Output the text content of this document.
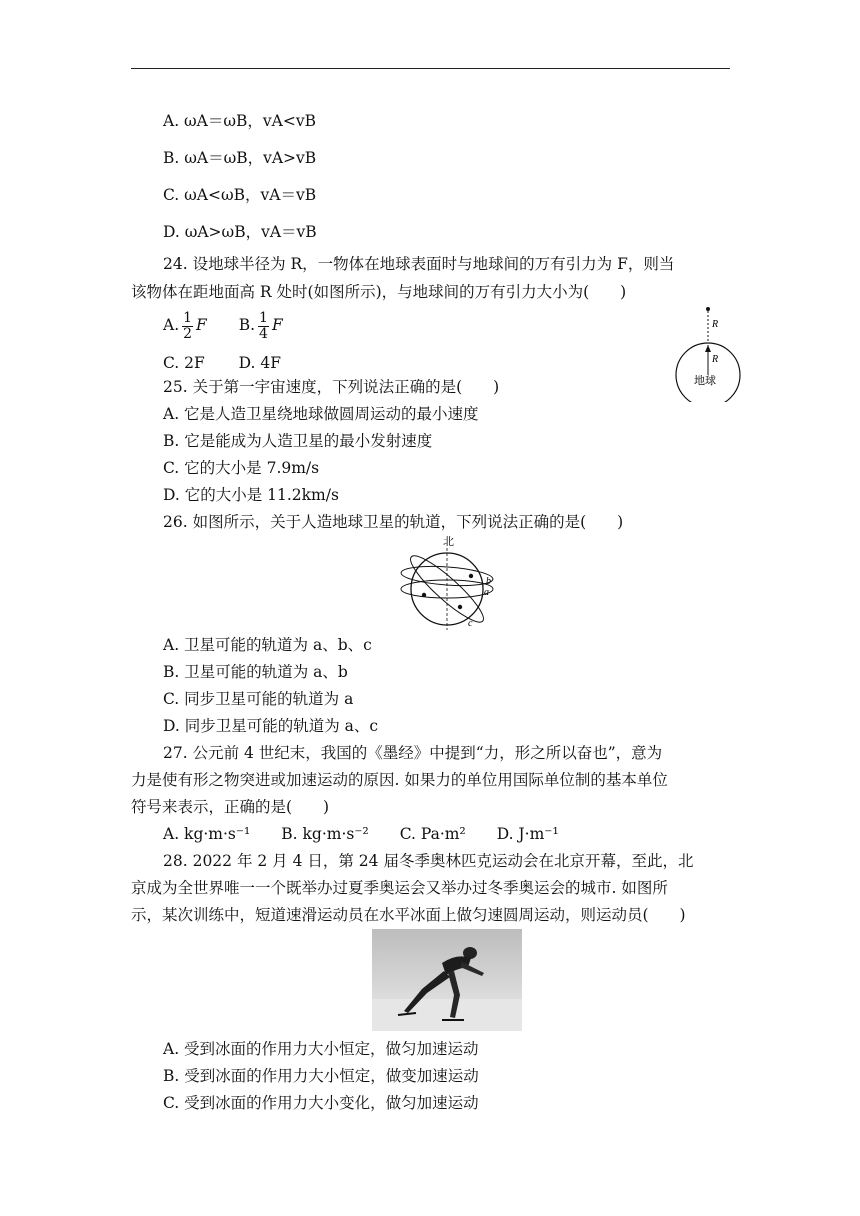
A. ωA＝ωB，vA<vB
B. ωA＝ωB，vA>vB
C. ωA<ωB，vA＝vB
D. ωA>ωB，vA＝vB
24. 设地球半径为 R，一物体在地球表面时与地球间的万有引力为 F，则当
该物体在距地面高 R 处时(如图所示)，与地球间的万有引力大小为(　　)
A. $\frac{1}{2}$ F B. $\frac{1}{4}$ F
C. 2F D. 4F
R
R
地球
25. 关于第一宇宙速度，下列说法正确的是(　　)
A. 它是人造卫星绕地球做圆周运动的最小速度
B. 它是能成为人造卫星的最小发射速度
C. 它的大小是 7.9m/s
D. 它的大小是 11.2km/s
26. 如图所示，关于人造地球卫星的轨道，下列说法正确的是(　　)
北
b
a
c
A. 卫星可能的轨道为 a、b、c
B. 卫星可能的轨道为 a、b
C. 同步卫星可能的轨道为 a
D. 同步卫星可能的轨道为 a、c
27. 公元前 4 世纪末，我国的《墨经》中提到“力，形之所以奋也”，意为
力是使有形之物突进或加速运动的原因. 如果力的单位用国际单位制的基本单位
符号来表示，正确的是(　　)
A. kg·m·s⁻¹　　B. kg·m·s⁻²　　C. Pa·m²　　D. J·m⁻¹
28. 2022 年 2 月 4 日，第 24 届冬季奥林匹克运动会在北京开幕，至此，北
京成为全世界唯一一个既举办过夏季奥运会又举办过冬季奥运会的城市. 如图所
示，某次训练中，短道速滑运动员在水平冰面上做匀速圆周运动，则运动员(　　)
A. 受到冰面的作用力大小恒定，做匀加速运动
B. 受到冰面的作用力大小恒定，做变加速运动
C. 受到冰面的作用力大小变化，做匀加速运动
